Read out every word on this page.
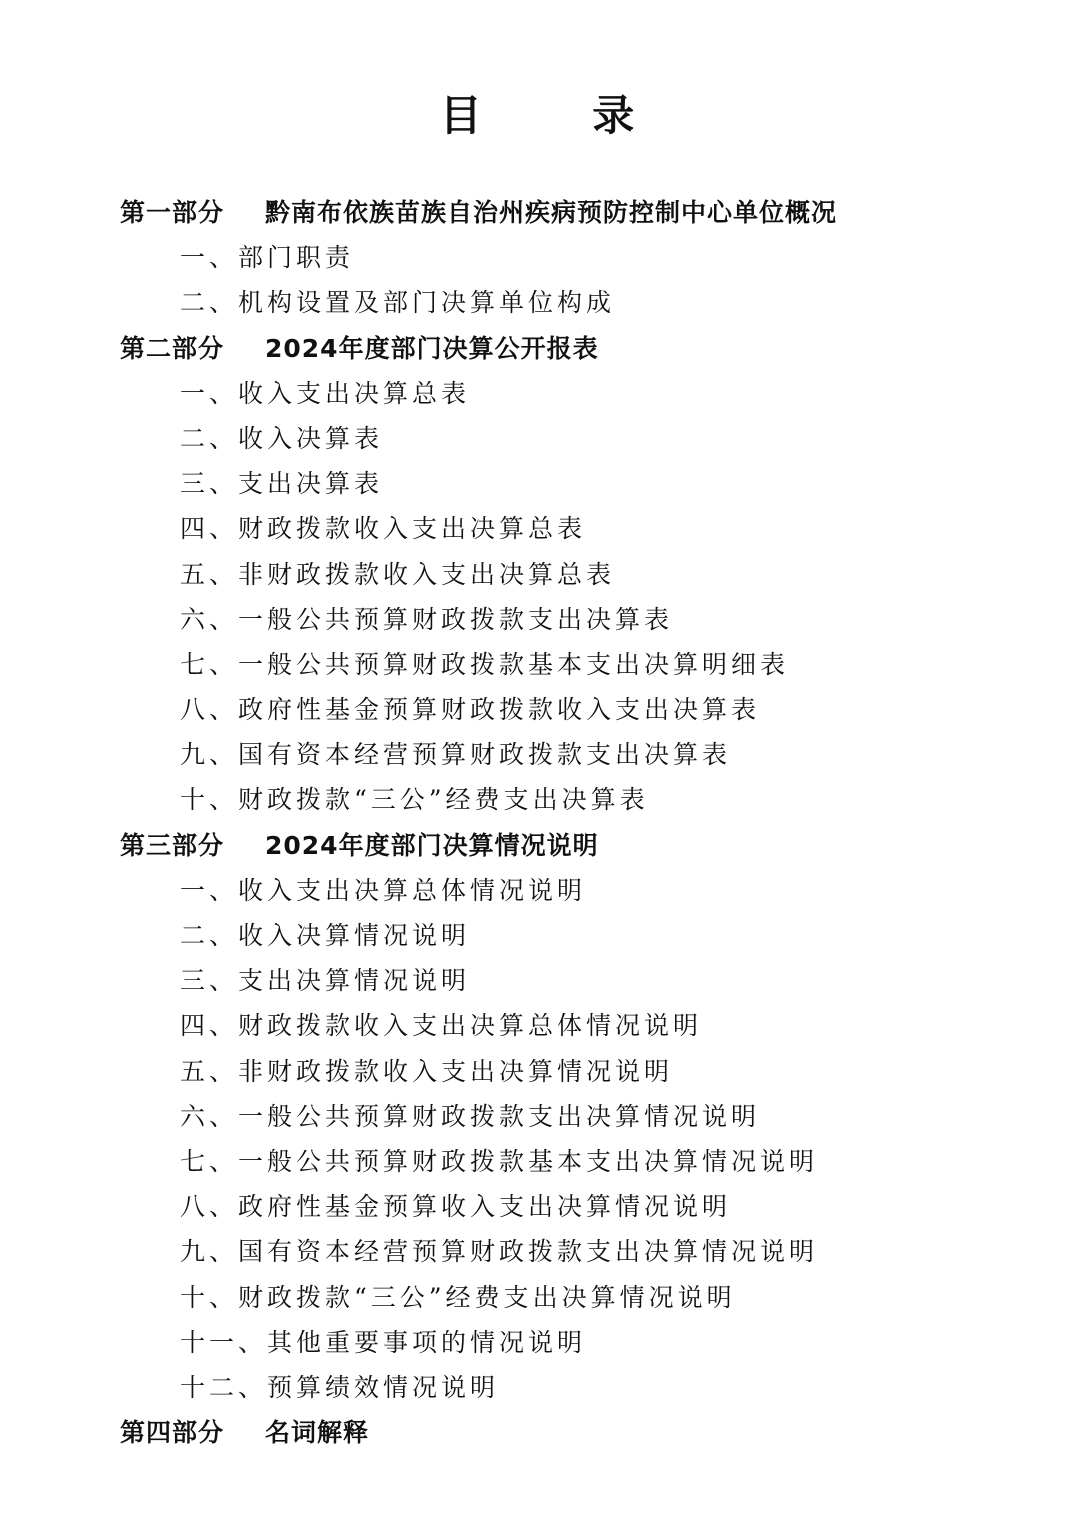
目 录
第一部分 黔南布依族苗族自治州疾病预防控制中心单位概况
一、部门职责
二、机构设置及部门决算单位构成
第二部分 2024年度部门决算公开报表
一、收入支出决算总表
二、收入决算表
三、支出决算表
四、财政拨款收入支出决算总表
五、非财政拨款收入支出决算总表
六、一般公共预算财政拨款支出决算表
七、一般公共预算财政拨款基本支出决算明细表
八、政府性基金预算财政拨款收入支出决算表
九、国有资本经营预算财政拨款支出决算表
十、财政拨款“三公”经费支出决算表
第三部分 2024年度部门决算情况说明
一、收入支出决算总体情况说明
二、收入决算情况说明
三、支出决算情况说明
四、财政拨款收入支出决算总体情况说明
五、非财政拨款收入支出决算情况说明
六、一般公共预算财政拨款支出决算情况说明
七、一般公共预算财政拨款基本支出决算情况说明
八、政府性基金预算收入支出决算情况说明
九、国有资本经营预算财政拨款支出决算情况说明
十、财政拨款“三公”经费支出决算情况说明
十一、其他重要事项的情况说明
十二、预算绩效情况说明
第四部分 名词解释
